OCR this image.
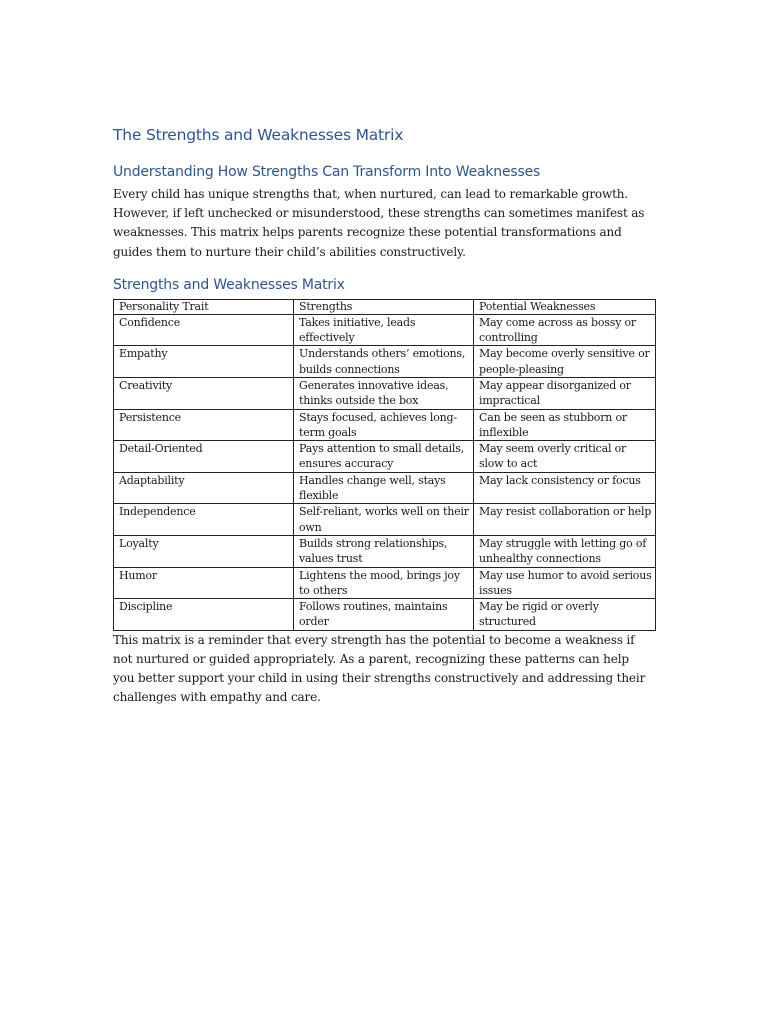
The Strengths and Weaknesses Matrix
Understanding How Strengths Can Transform Into Weaknesses

Every child has unique strengths that, when nurtured, can lead to remarkable growth. However, if left unchecked or misunderstood, these strengths can sometimes manifest as weaknesses. This matrix helps parents recognize these potential transformations and guides them to nurture their child’s abilities constructively.

Strengths and Weaknesses Matrix
Personality Trait	Strengths	Potential Weaknesses
Confidence	Takes initiative, leads effectively	May come across as bossy or controlling
Empathy	Understands others’ emotions, builds connections	May become overly sensitive or people-pleasing
Creativity	Generates innovative ideas, thinks outside the box	May appear disorganized or impractical
Persistence	Stays focused, achieves long-term goals	Can be seen as stubborn or inflexible
Detail-Oriented	Pays attention to small details, ensures accuracy	May seem overly critical or slow to act
Adaptability	Handles change well, stays flexible	May lack consistency or focus
Independence	Self-reliant, works well on their own	May resist collaboration or help
Loyalty	Builds strong relationships, values trust	May struggle with letting go of unhealthy connections
Humor	Lightens the mood, brings joy to others	May use humor to avoid serious issues
Discipline	Follows routines, maintains order	May be rigid or overly structured

This matrix is a reminder that every strength has the potential to become a weakness if not nurtured or guided appropriately. As a parent, recognizing these patterns can help you better support your child in using their strengths constructively and addressing their challenges with empathy and care.
